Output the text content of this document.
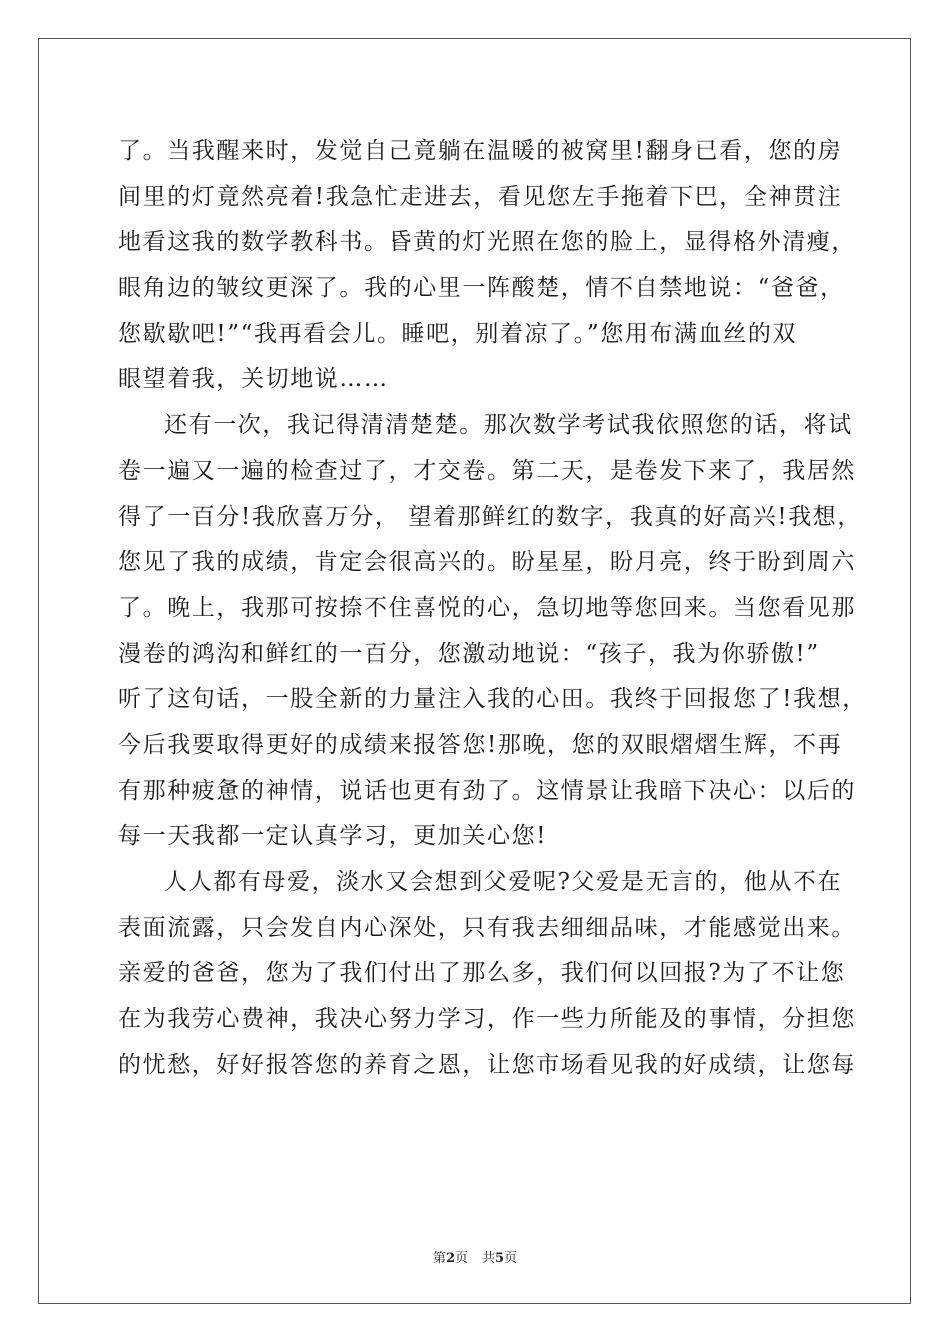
了。当我醒来时，发觉自己竟躺在温暖的被窝里!翻身已看，您的房
间里的灯竟然亮着!我急忙走进去，看见您左手拖着下巴，全神贯注
地看这我的数学教科书。昏黄的灯光照在您的脸上，显得格外清瘦，
眼角边的皱纹更深了。我的心里一阵酸楚，情不自禁地说：“爸爸，
您歇歇吧!”“我再看会儿。睡吧，别着凉了。”您用布满血丝的双
眼望着我，关切地说……
还有一次，我记得清清楚楚。那次数学考试我依照您的话，将试
卷一遍又一遍的检查过了，才交卷。第二天，是卷发下来了，我居然
得了一百分!我欣喜万分， 望着那鲜红的数字，我真的好高兴!我想，
您见了我的成绩，肯定会很高兴的。盼星星，盼月亮，终于盼到周六
了。晚上，我那可按捺不住喜悦的心，急切地等您回来。当您看见那
漫卷的鸿沟和鲜红的一百分，您激动地说：“孩子，我为你骄傲!”
听了这句话，一股全新的力量注入我的心田。我终于回报您了!我想，
今后我要取得更好的成绩来报答您!那晚，您的双眼熠熠生辉，不再
有那种疲惫的神情，说话也更有劲了。这情景让我暗下决心：以后的
每一天我都一定认真学习，更加关心您!
人人都有母爱，淡水又会想到父爱呢?父爱是无言的，他从不在
表面流露，只会发自内心深处，只有我去细细品味，才能感觉出来。
亲爱的爸爸，您为了我们付出了那么多，我们何以回报?为了不让您
在为我劳心费神，我决心努力学习，作一些力所能及的事情，分担您
的忧愁，好好报答您的养育之恩，让您市场看见我的好成绩，让您每
第2页 共5页
